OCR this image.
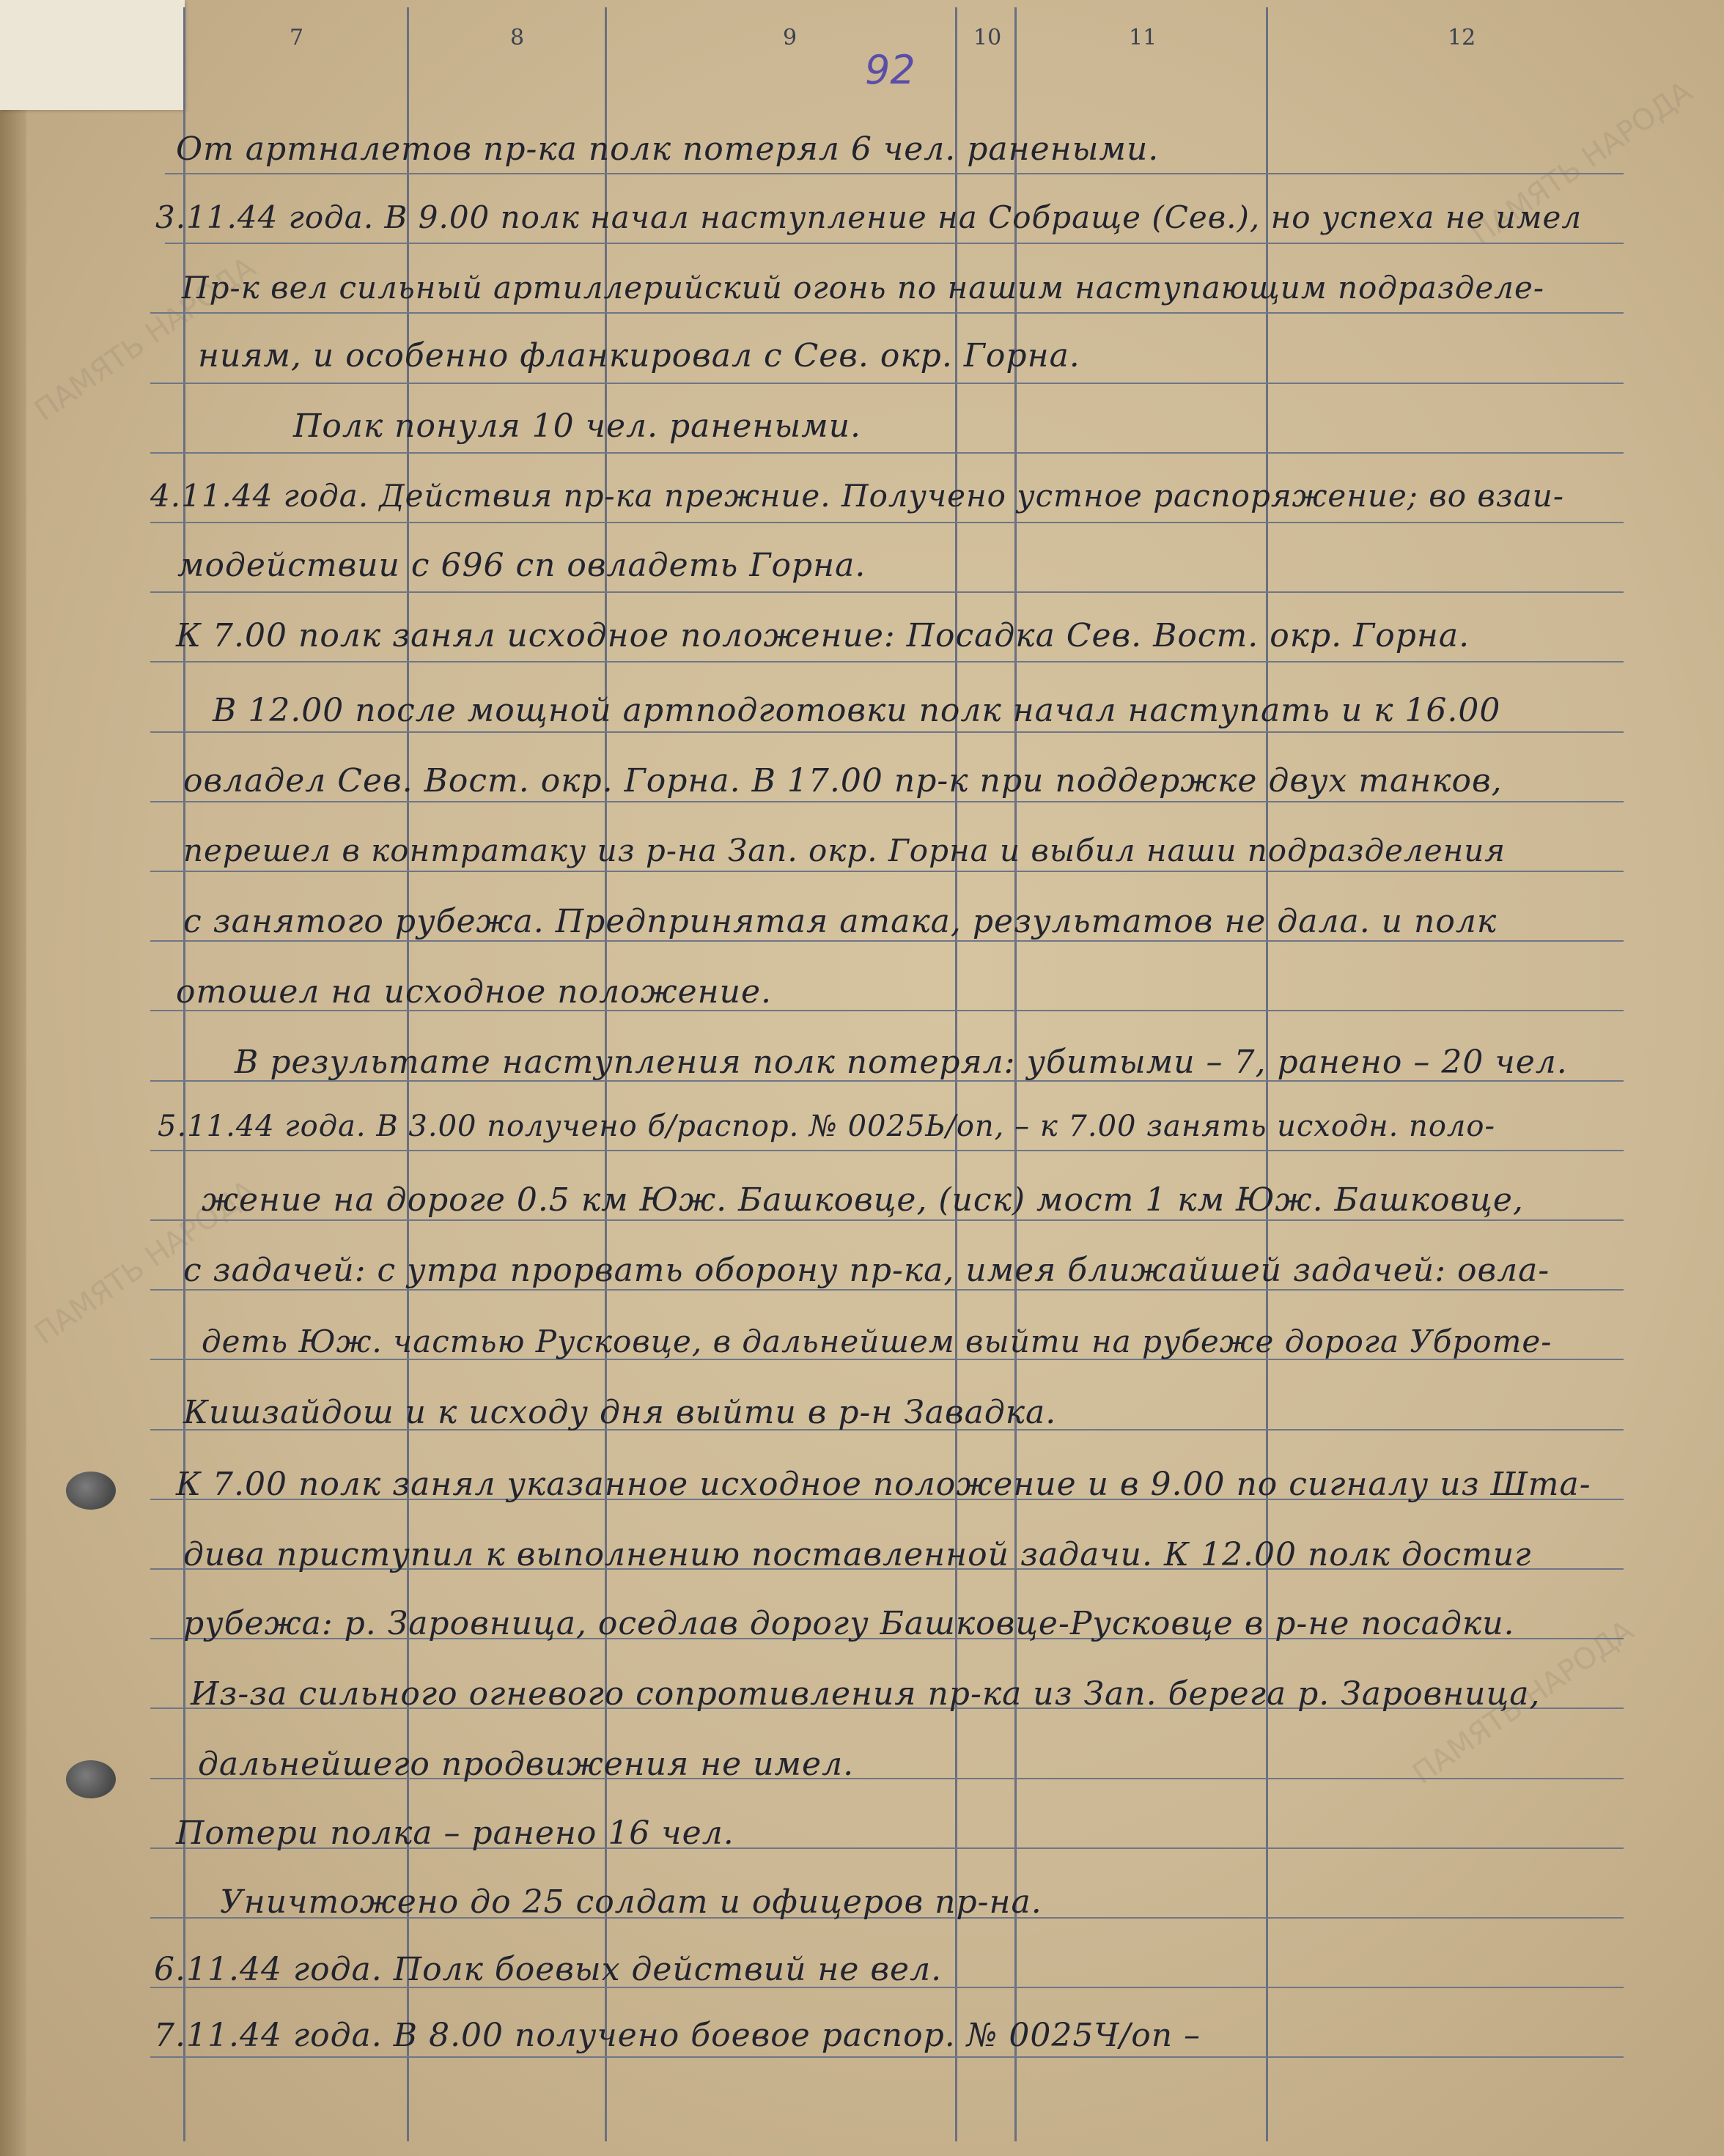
ПАМЯТЬ НАРОДА
ПАМЯТЬ НАРОДА
ПАМЯТЬ НАРОДА
ПАМЯТЬ НАРОДА
7	8	9	10	11	12
92
От артналетов пр-ка полк потерял 6 чел. ранеными.
3.11.44 года. В 9.00 полк начал наступление на Собраще (Сев.), но успеха не имел
Пр-к вел сильный артиллерийский огонь по нашим наступающим подразделе-
ниям, и особенно фланкировал с Сев. окр. Горна.
Полк понуля 10 чел. ранеными.
4.11.44 года. Действия пр-ка прежние. Получено устное распоряжение; во взаи-
модействии с 696 сп овладеть Горна.
К 7.00 полк занял исходное положение: Посадка Сев. Вост. окр. Горна.
В 12.00 после мощной артподготовки полк начал наступать и к 16.00
овладел Сев. Вост. окр. Горна. В 17.00 пр-к при поддержке двух танков,
перешел в контратаку из р-на Зап. окр. Горна и выбил наши подразделения
с занятого рубежа. Предпринятая атака, результатов не дала. и полк
отошел на исходное положение.
В результате наступления полк потерял: убитыми – 7, ранено – 20 чел.
5.11.44 года. В 3.00 получено б/распор. № 0025Ь/оп, – к 7.00 занять исходн. поло-
жение на дороге 0.5 км Юж. Башковце, (иск) мост 1 км Юж. Башковце,
с задачей: с утра прорвать оборону пр-ка, имея ближайшей задачей: овла-
деть Юж. частью Русковце, в дальнейшем выйти на рубеже дорога Уброте-
Кишзайдош и к исходу дня выйти в р-н Завадка.
К 7.00 полк занял указанное исходное положение и в 9.00 по сигналу из Шта-
дива приступил к выполнению поставленной задачи. К 12.00 полк достиг
рубежа: р. Заровница, оседлав дорогу Башковце-Русковце в р-не посадки.
Из-за сильного огневого сопротивления пр-ка из Зап. берега р. Заровница,
дальнейшего продвижения не имел.
Потери полка – ранено 16 чел.
Уничтожено до 25 солдат и офицеров пр-на.
6.11.44 года. Полк боевых действий не вел.
7.11.44 года. В 8.00 получено боевое распор. № 0025Ч/оп –
